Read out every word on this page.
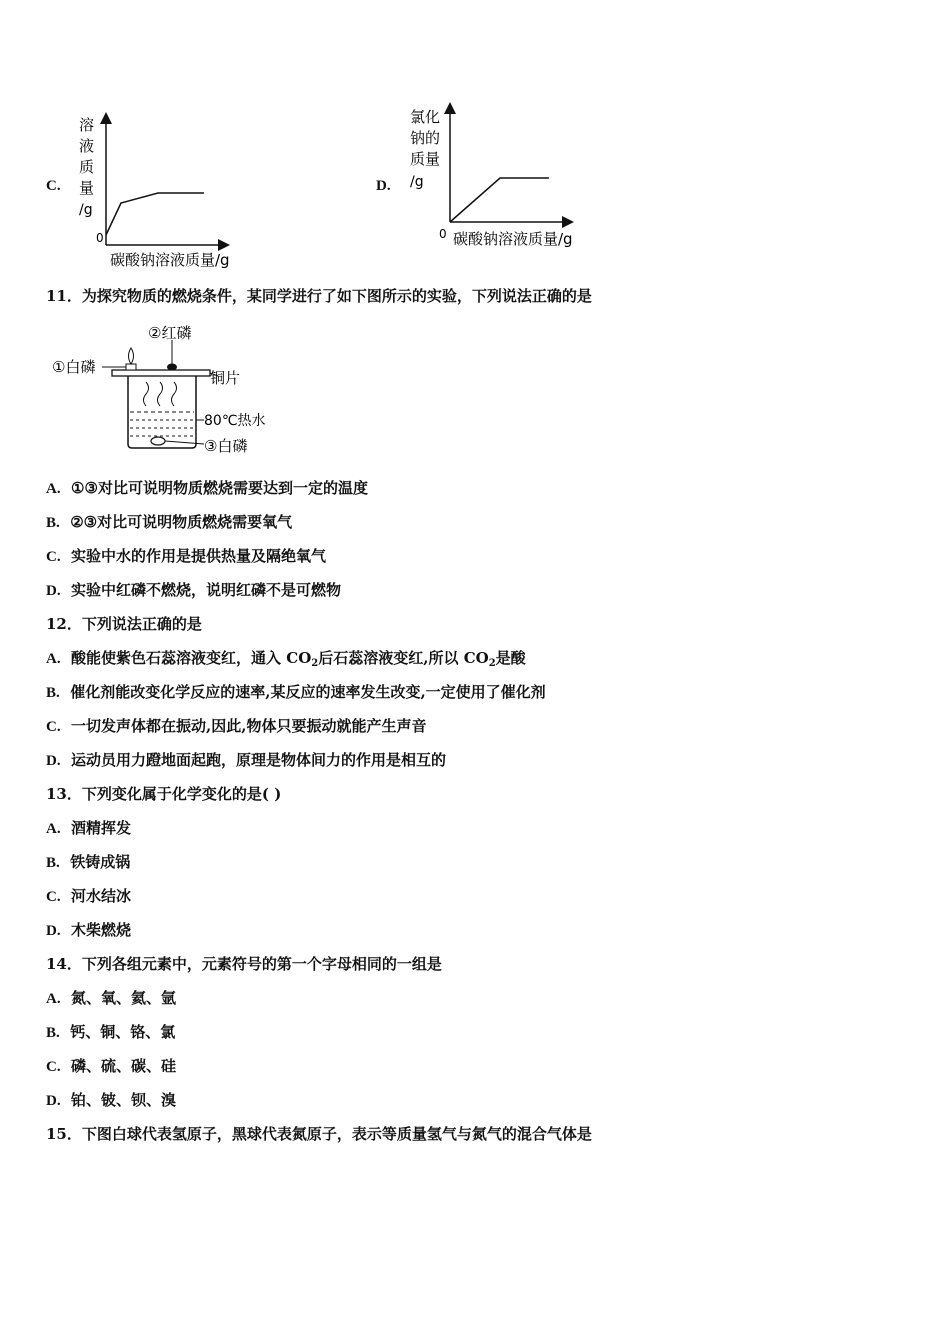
C.
溶
液
质
量
/g
0
碳酸钠溶液质量/g
D.
氯化
钠的
质量
/g
0 碳酸钠溶液质量/g
11．为探究物质的燃烧条件，某同学进行了如下图所示的实验，下列说法正确的是
②红磷
①白磷
铜片
80℃热水
③白磷
A. ①③对比可说明物质燃烧需要达到一定的温度
B. ②③对比可说明物质燃烧需要氧气
C. 实验中水的作用是提供热量及隔绝氧气
D. 实验中红磷不燃烧，说明红磷不是可燃物
12．下列说法正确的是
A. 酸能使紫色石蕊溶液变红，通入 $CO_2$后石蕊溶液变红,所以 $CO_2$是酸
B. 催化剂能改变化学反应的速率,某反应的速率发生改变,一定使用了催化剂
C. 一切发声体都在振动,因此,物体只要振动就能产生声音
D. 运动员用力蹬地面起跑，原理是物体间力的作用是相互的
13．下列变化属于化学变化的是( )
A. 酒精挥发
B. 铁铸成锅
C. 河水结冰
D. 木柴燃烧
14．下列各组元素中，元素符号的第一个字母相同的一组是
A. 氮、氧、氦、氩
B. 钙、铜、铬、氯
C. 磷、硫、碳、硅
D. 铂、铍、钡、溴
15．下图白球代表氢原子，黑球代表氮原子，表示等质量氢气与氮气的混合气体是
